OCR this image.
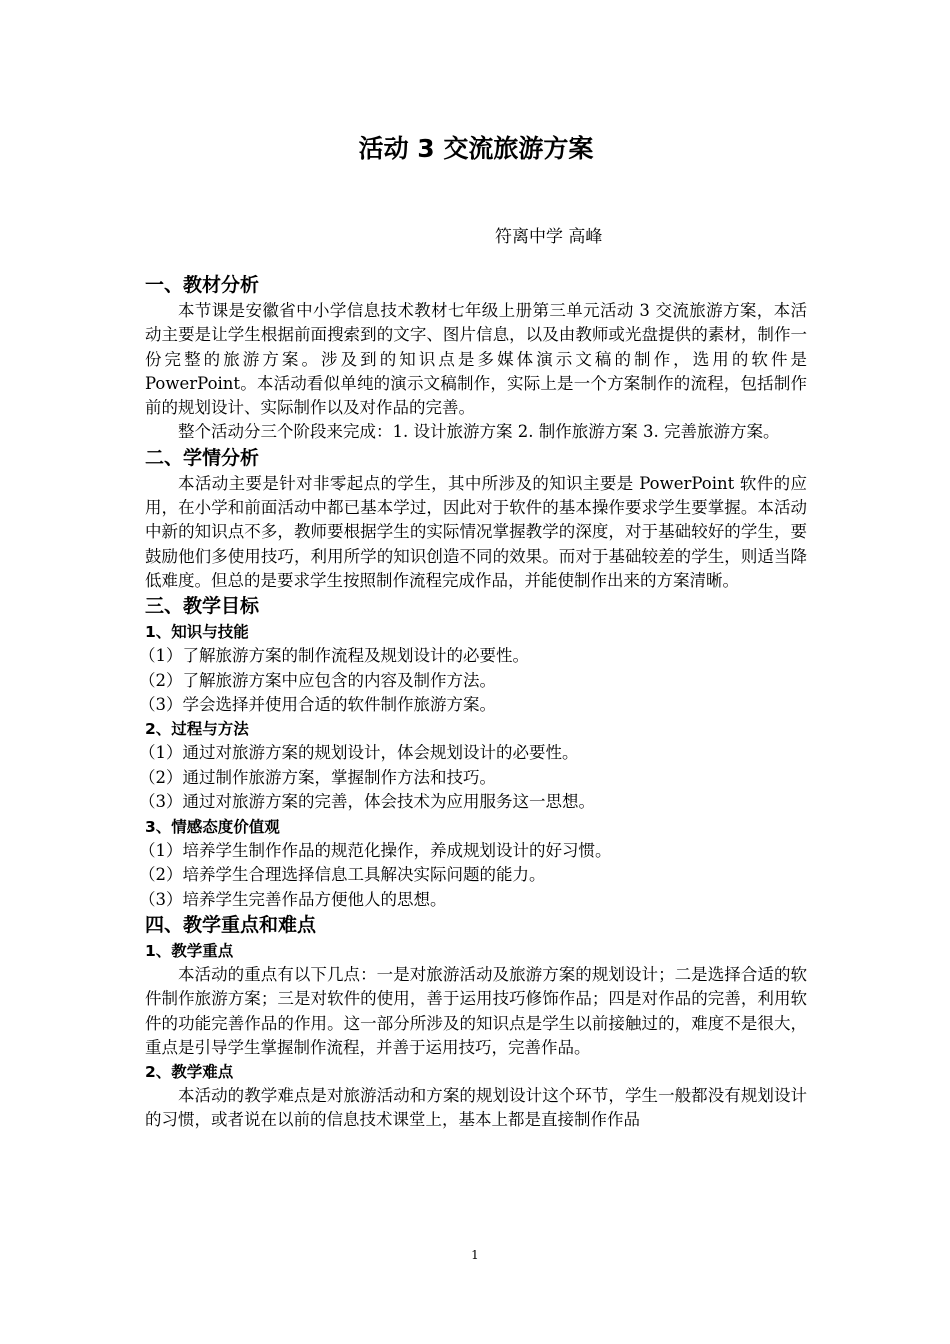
活动 3 交流旅游方案
符离中学 高峰
一、教材分析

本节课是安徽省中小学信息技术教材七年级上册第三单元活动 3 交流旅游方案，本活动主要是让学生根据前面搜索到的文字、图片信息，以及由教师或光盘提供的素材，制作一份完整的旅游方案。涉及到的知识点是多媒体演示文稿的制作，选用的软件是 PowerPoint。本活动看似单纯的演示文稿制作，实际上是一个方案制作的流程，包括制作前的规划设计、实际制作以及对作品的完善。

整个活动分三个阶段来完成：1. 设计旅游方案 2. 制作旅游方案 3. 完善旅游方案。

二、学情分析

本活动主要是针对非零起点的学生，其中所涉及的知识主要是 PowerPoint 软件的应用，在小学和前面活动中都已基本学过，因此对于软件的基本操作要求学生要掌握。本活动中新的知识点不多，教师要根据学生的实际情况掌握教学的深度，对于基础较好的学生，要鼓励他们多使用技巧，利用所学的知识创造不同的效果。而对于基础较差的学生，则适当降低难度。但总的是要求学生按照制作流程完成作品，并能使制作出来的方案清晰。

三、教学目标
1、知识与技能

（1）了解旅游方案的制作流程及规划设计的必要性。

（2）了解旅游方案中应包含的内容及制作方法。

（3）学会选择并使用合适的软件制作旅游方案。

2、过程与方法

（1）通过对旅游方案的规划设计，体会规划设计的必要性。

（2）通过制作旅游方案，掌握制作方法和技巧。

（3）通过对旅游方案的完善，体会技术为应用服务这一思想。

3、情感态度价值观

（1）培养学生制作作品的规范化操作，养成规划设计的好习惯。

（2）培养学生合理选择信息工具解决实际问题的能力。

（3）培养学生完善作品方便他人的思想。

四、教学重点和难点
1、教学重点

本活动的重点有以下几点：一是对旅游活动及旅游方案的规划设计；二是选择合适的软件制作旅游方案；三是对软件的使用，善于运用技巧修饰作品；四是对作品的完善，利用软件的功能完善作品的作用。这一部分所涉及的知识点是学生以前接触过的，难度不是很大，重点是引导学生掌握制作流程，并善于运用技巧，完善作品。

2、教学难点

本活动的教学难点是对旅游活动和方案的规划设计这个环节，学生一般都没有规划设计的习惯，或者说在以前的信息技术课堂上，基本上都是直接制作作品

1
